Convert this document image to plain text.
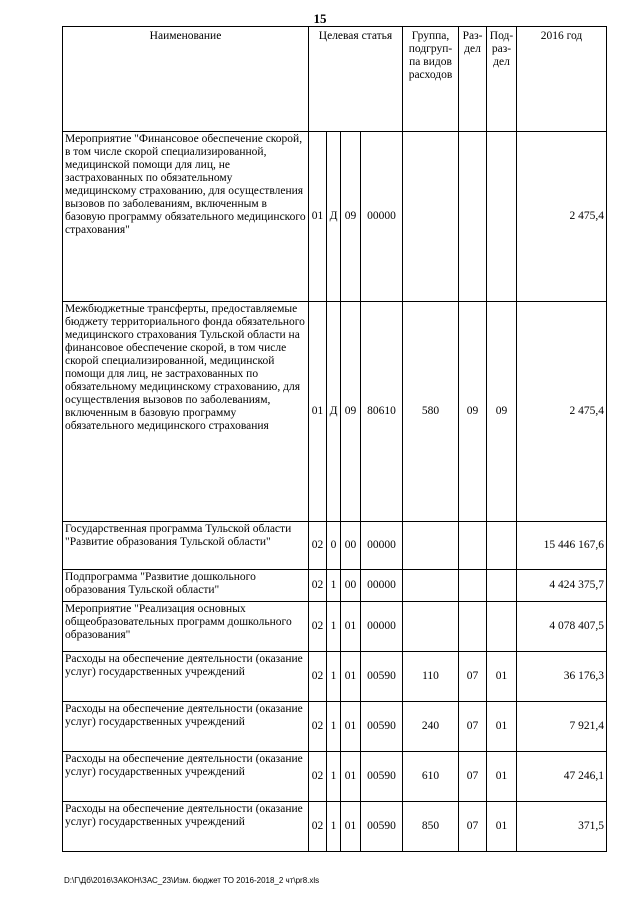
15
Наименование	Целевая статья				Группа, подгруп-па видов расходов	Раз-дел	Под-раз-дел	2016 год
Мероприятие "Финансовое обеспечение скорой, в том числе скорой специализированной, медицинской помощи для лиц, не застрахованных по обязательному медицинскому страхованию, для осуществления вызовов по заболеваниям, включенным в базовую программу обязательного медицинского страхования"	01	Д	09	00000				2 475,4
Межбюджетные трансферты, предоставляемые бюджету территориального фонда обязательного медицинского страхования Тульской области на финансовое обеспечение скорой, в том числе скорой специализированной, медицинской помощи для лиц, не застрахованных по обязательному медицинскому страхованию, для осуществления вызовов по заболеваниям, включенным в базовую программу обязательного медицинского страхования	01	Д	09	80610	580	09	09	2 475,4
Государственная программа Тульской области "Развитие образования Тульской области"	02	0	00	00000				15 446 167,6
Подпрограмма "Развитие дошкольного образования Тульской области"	02	1	00	00000				4 424 375,7
Мероприятие "Реализация основных общеобразовательных программ дошкольного образования"	02	1	01	00000				4 078 407,5
Расходы на обеспечение деятельности (оказание услуг) государственных учреждений	02	1	01	00590	110	07	01	36 176,3
Расходы на обеспечение деятельности (оказание услуг) государственных учреждений	02	1	01	00590	240	07	01	7 921,4
Расходы на обеспечение деятельности (оказание услуг) государственных учреждений	02	1	01	00590	610	07	01	47 246,1
Расходы на обеспечение деятельности (оказание услуг) государственных учреждений	02	1	01	00590	850	07	01	371,5
D:\Г\Дб\2016\ЗАКОН\ЗАС_23\Изм. бюджет ТО 2016-2018_2 чт\pr8.xls
